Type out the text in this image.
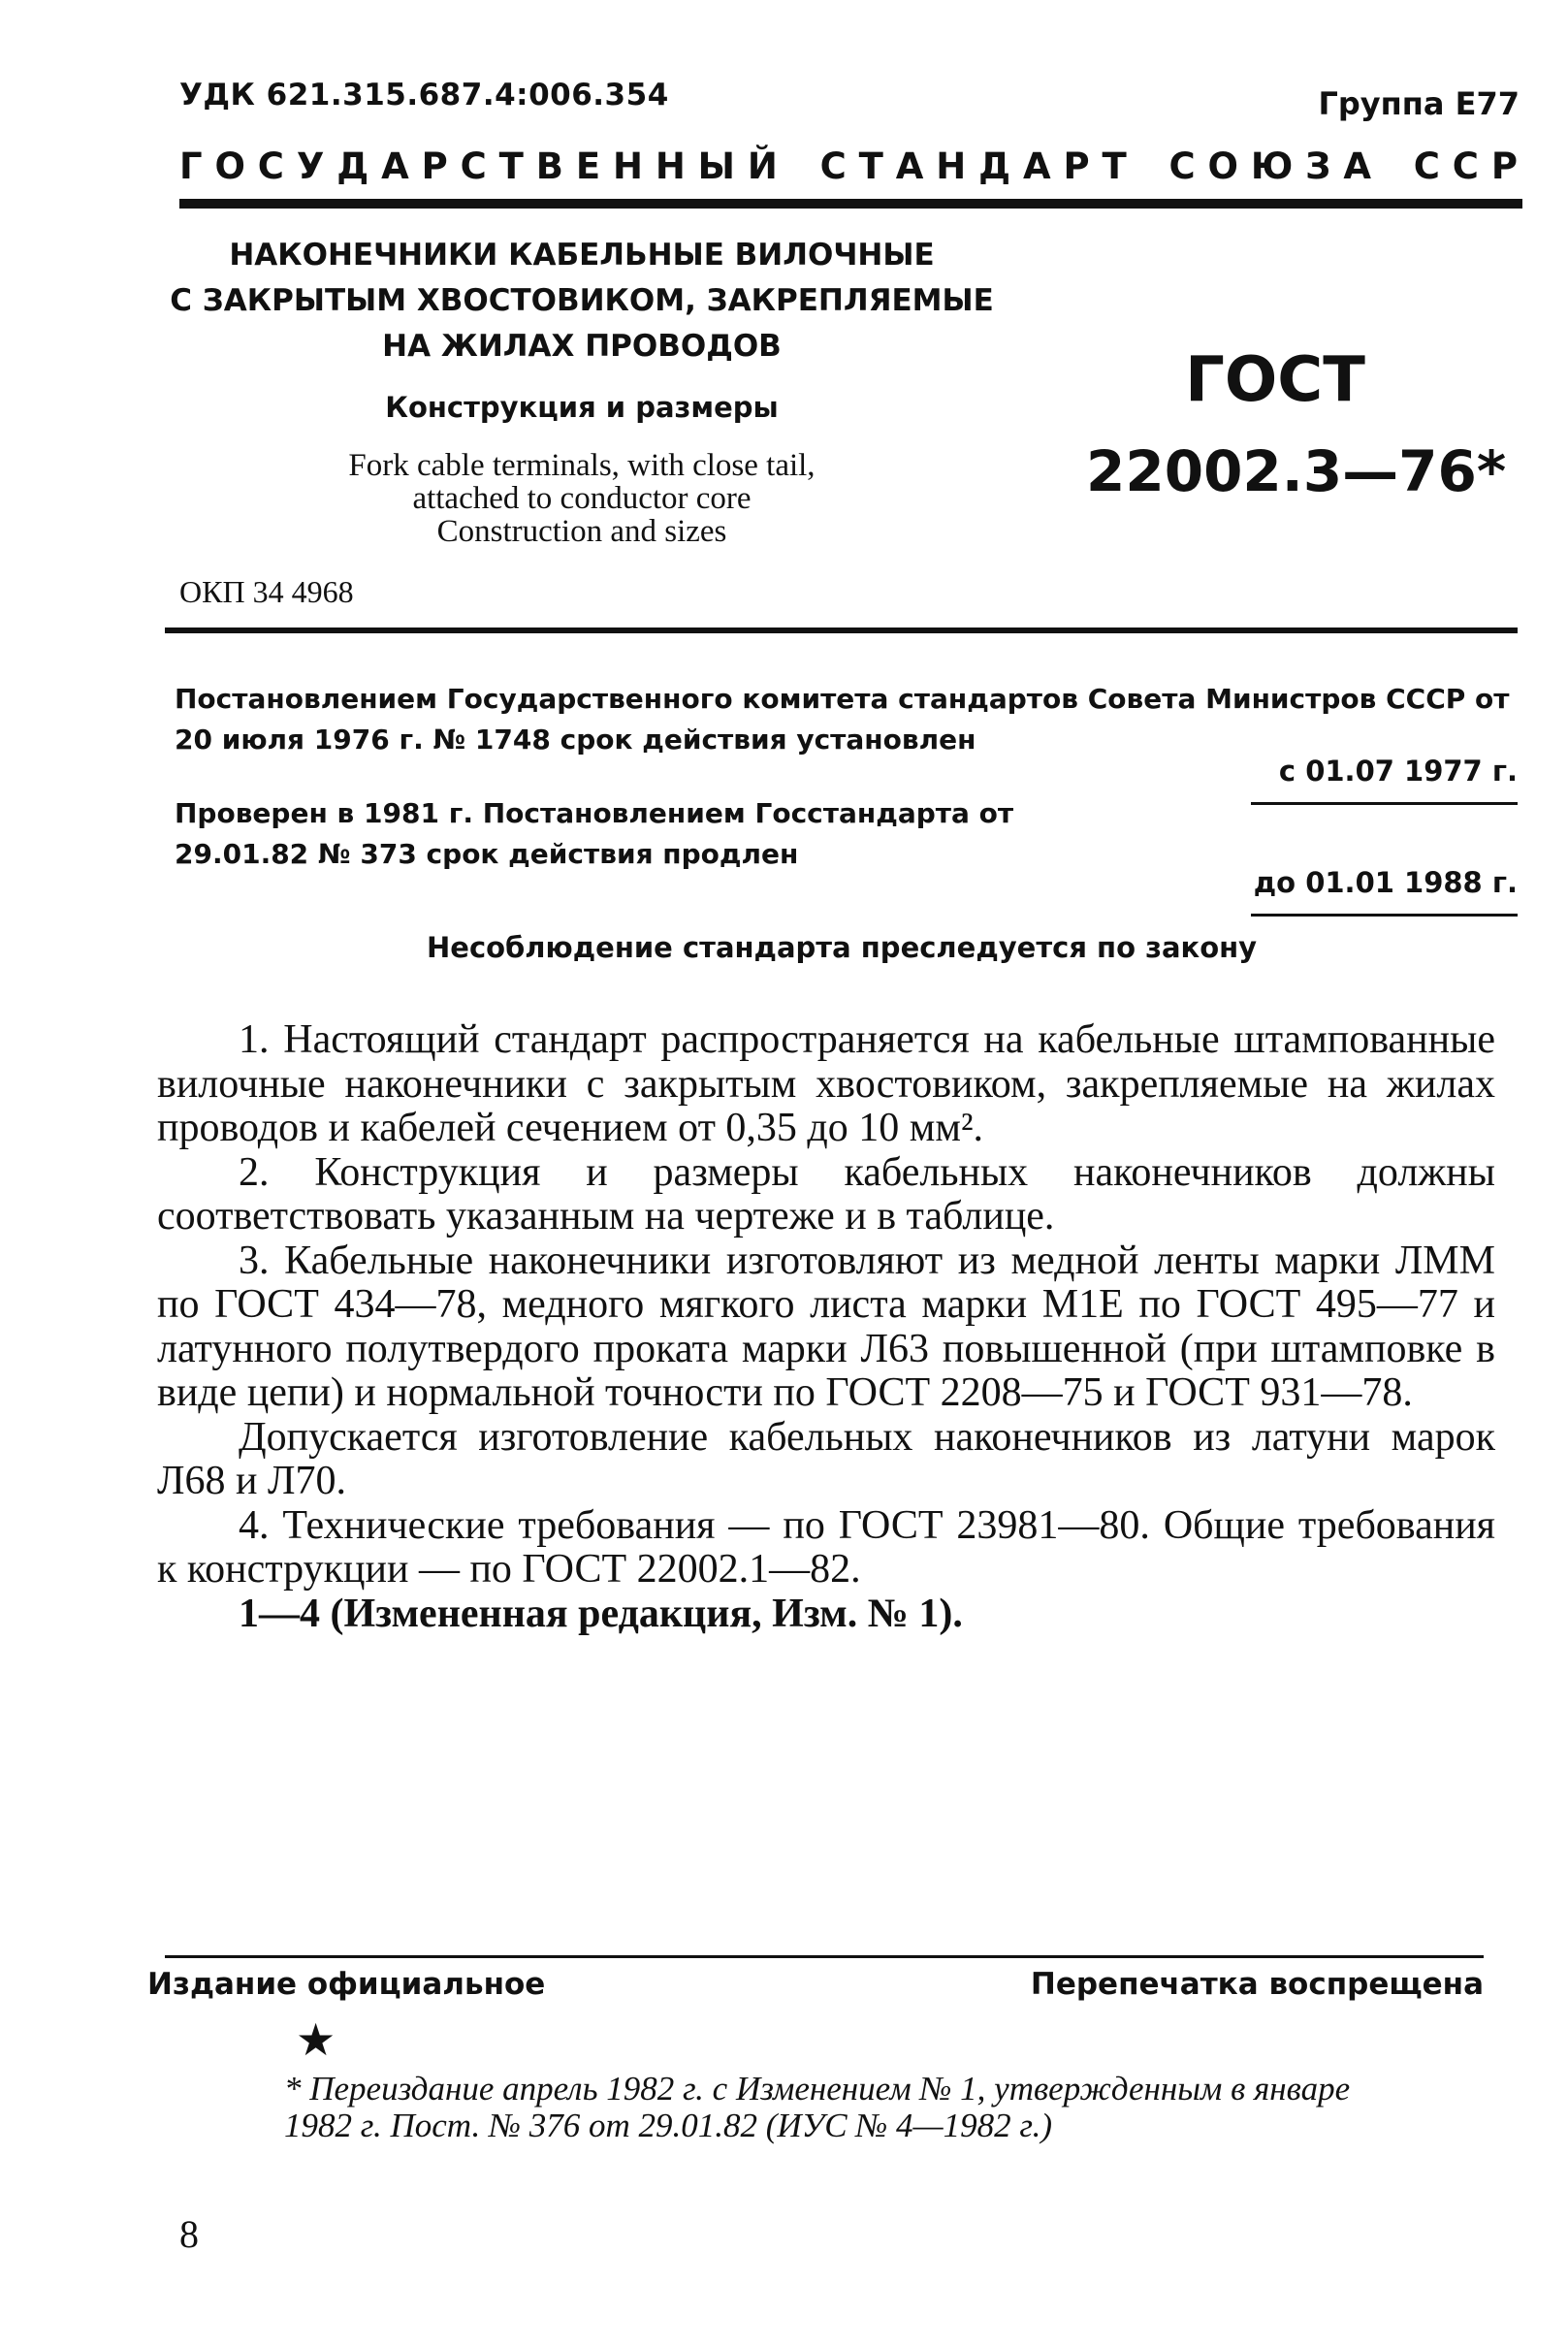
УДК 621.315.687.4:006.354	Группа Е77
Г О С У Д А Р С Т В Е Н Н Ы Й С Т А Н Д А Р Т С О Ю З А С С Р
НАКОНЕЧНИКИ КАБЕЛЬНЫЕ ВИЛОЧНЫЕ
С ЗАКРЫТЫМ ХВОСТОВИКОМ, ЗАКРЕПЛЯЕМЫЕ
НА ЖИЛАХ ПРОВОДОВ
Конструкция и размеры
Fork cable terminals, with close tail,
attached to conductor core
Construction and sizes
ГОСТ
22002.3—76*
ОКП 34 4968
Постановлением Государственного комитета стандартов Совета Министров СССР от 20 июля 1976 г. № 1748 срок действия установлен
с 01.07 1977 г.
Проверен в 1981 г. Постановлением Госстандарта от 29.01.82 № 373 срок действия продлен
до 01.01 1988 г.
Несоблюдение стандарта преследуется по закону

1. Настоящий стандарт распространяется на кабельные штампованные вилочные наконечники с закрытым хвостовиком, закрепляемые на жилах проводов и кабелей сечением от 0,35 до 10 мм².

2. Конструкция и размеры кабельных наконечников должны соответствовать указанным на чертеже и в таблице.

3. Кабельные наконечники изготовляют из медной ленты марки ЛММ по ГОСТ 434—78, медного мягкого листа марки М1Е по ГОСТ 495—77 и латунного полутвердого проката марки Л63 повышенной (при штамповке в виде цепи) и нормальной точности по ГОСТ 2208—75 и ГОСТ 931—78.

Допускается изготовление кабельных наконечников из латуни марок Л68 и Л70.

4. Технические требования — по ГОСТ 23981—80. Общие требования к конструкции — по ГОСТ 22002.1—82.

1—4 (Измененная редакция, Изм. № 1).

Издание официальное	Перепечатка воспрещена
★
* Переиздание апрель 1982 г. с Изменением № 1, утвержденным в январе 1982 г. Пост. № 376 от 29.01.82 (ИУС № 4—1982 г.)
8
